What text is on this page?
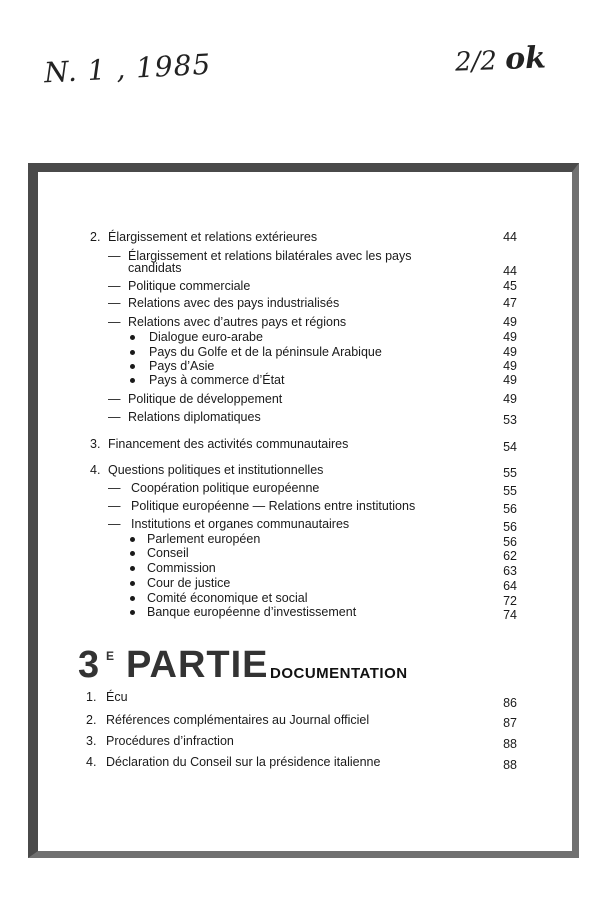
N. 1 , 1985	2/2 ok
2. Élargissement et relations extérieures	44
— Élargissement et relations bilatérales avec les pays
candidats	44
— Politique commerciale	45
— Relations avec des pays industrialisés	47
— Relations avec d’autres pays et régions	49
Dialogue euro-arabe	49
Pays du Golfe et de la péninsule Arabique	49
Pays d’Asie	49
Pays à commerce d’État	49
— Politique de développement	49
— Relations diplomatiques	53
3. Financement des activités communautaires	54
4. Questions politiques et institutionnelles	55
— Coopération politique européenne	55
— Politique européenne — Relations entre institutions	56
— Institutions et organes communautaires	56
Parlement européen	56
Conseil	62
Commission	63
Cour de justice	64
Comité économique et social	72
Banque européenne d’investissement	74
3 E PARTIE DOCUMENTATION
1. Écu	86
2. Références complémentaires au Journal officiel	87
3. Procédures d’infraction	88
4. Déclaration du Conseil sur la présidence italienne	88
